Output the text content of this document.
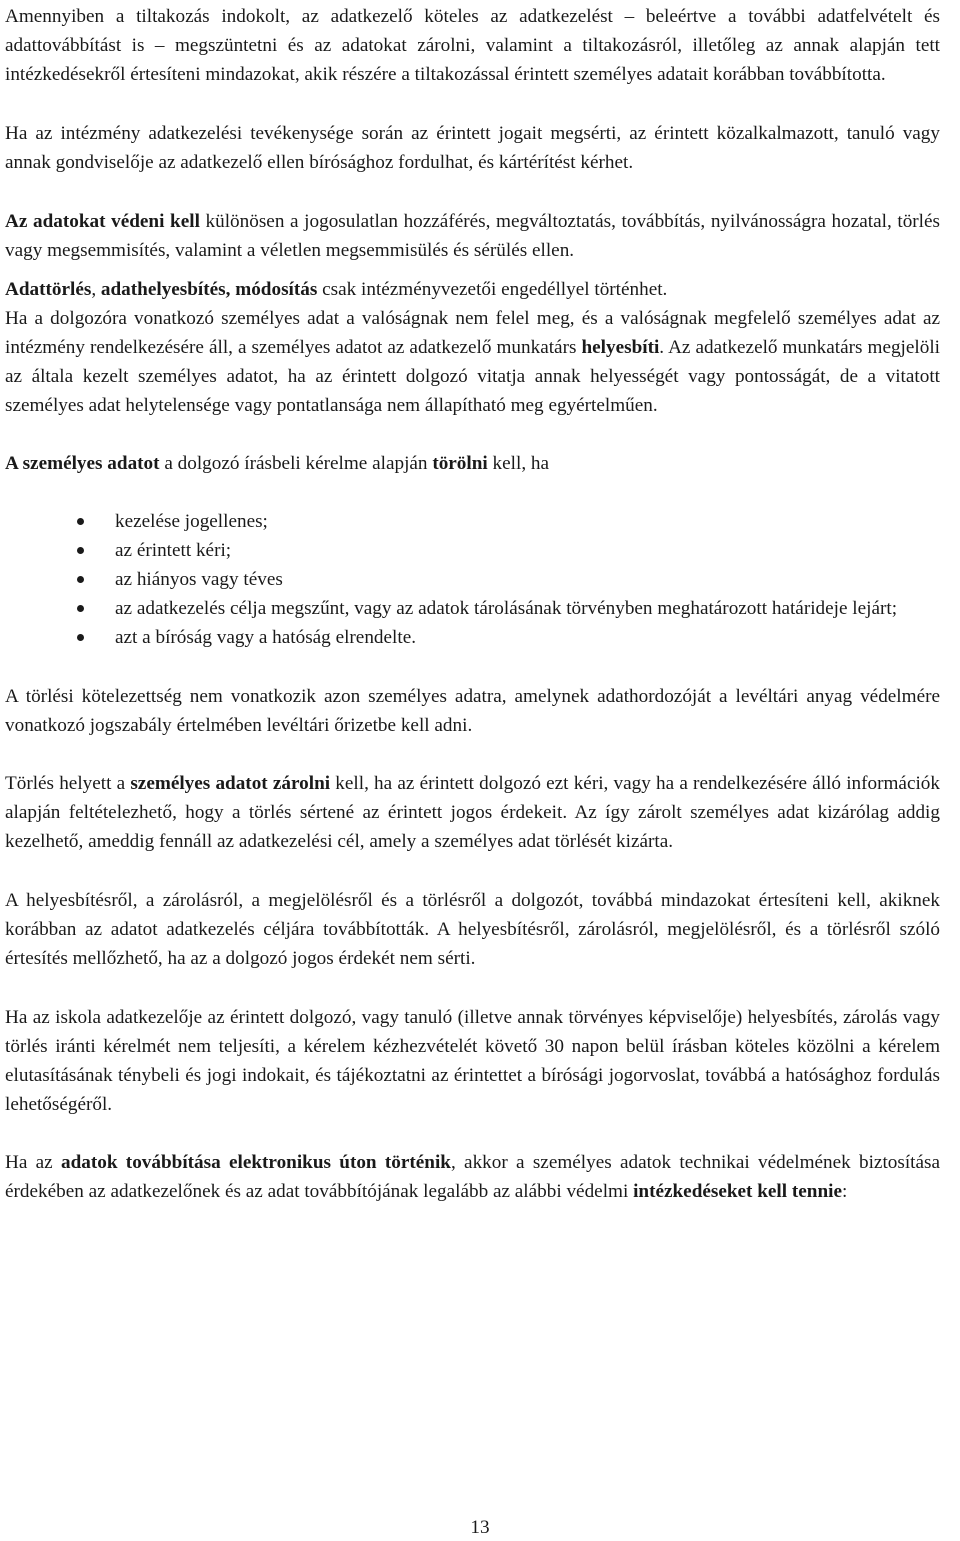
Amennyiben a tiltakozás indokolt, az adatkezelő köteles az adatkezelést – beleértve a további adatfelvételt és adattovábbítást is – megszüntetni és az adatokat zárolni, valamint a tiltakozásról, illetőleg az annak alapján tett intézkedésekről értesíteni mindazokat, akik részére a tiltakozással érintett személyes adatait korábban továbbította.

Ha az intézmény adatkezelési tevékenysége során az érintett jogait megsérti, az érintett közalkalmazott, tanuló vagy annak gondviselője az adatkezelő ellen bírósághoz fordulhat, és kártérítést kérhet.

Az adatokat védeni kell különösen a jogosulatlan hozzáférés, megváltoztatás, továbbítás, nyilvánosságra hozatal, törlés vagy megsemmisítés, valamint a véletlen megsemmisülés és sérülés ellen.

Adattörlés, adathelyesbítés, módosítás csak intézményvezetői engedéllyel történhet.

Ha a dolgozóra vonatkozó személyes adat a valóságnak nem felel meg, és a valóságnak megfelelő személyes adat az intézmény rendelkezésére áll, a személyes adatot az adatkezelő munkatárs helyesbíti. Az adatkezelő munkatárs megjelöli az általa kezelt személyes adatot, ha az érintett dolgozó vitatja annak helyességét vagy pontosságát, de a vitatott személyes adat helytelensége vagy pontatlansága nem állapítható meg egyértelműen.

A személyes adatot a dolgozó írásbeli kérelme alapján törölni kell, ha

kezelése jogellenes;
az érintett kéri;
az hiányos vagy téves
az adatkezelés célja megszűnt, vagy az adatok tárolásának törvényben meghatározott határideje lejárt;
azt a bíróság vagy a hatóság elrendelte.

A törlési kötelezettség nem vonatkozik azon személyes adatra, amelynek adathordozóját a levéltári anyag védelmére vonatkozó jogszabály értelmében levéltári őrizetbe kell adni.

Törlés helyett a személyes adatot zárolni kell, ha az érintett dolgozó ezt kéri, vagy ha a rendelkezésére álló információk alapján feltételezhető, hogy a törlés sértené az érintett jogos érdekeit. Az így zárolt személyes adat kizárólag addig kezelhető, ameddig fennáll az adatkezelési cél, amely a személyes adat törlését kizárta.

A helyesbítésről, a zárolásról, a megjelölésről és a törlésről a dolgozót, továbbá mindazokat értesíteni kell, akiknek korábban az adatot adatkezelés céljára továbbították. A helyesbítésről, zárolásról, megjelölésről, és a törlésről szóló értesítés mellőzhető, ha az a dolgozó jogos érdekét nem sérti.

Ha az iskola adatkezelője az érintett dolgozó, vagy tanuló (illetve annak törvényes képviselője) helyesbítés, zárolás vagy törlés iránti kérelmét nem teljesíti, a kérelem kézhezvételét követő 30 napon belül írásban köteles közölni a kérelem elutasításának ténybeli és jogi indokait, és tájékoztatni az érintettet a bírósági jogorvoslat, továbbá a hatósághoz fordulás lehetőségéről.

Ha az adatok továbbítása elektronikus úton történik, akkor a személyes adatok technikai védelmének biztosítása érdekében az adatkezelőnek és az adat továbbítójának legalább az alábbi védelmi intézkedéseket kell tennie:

13
